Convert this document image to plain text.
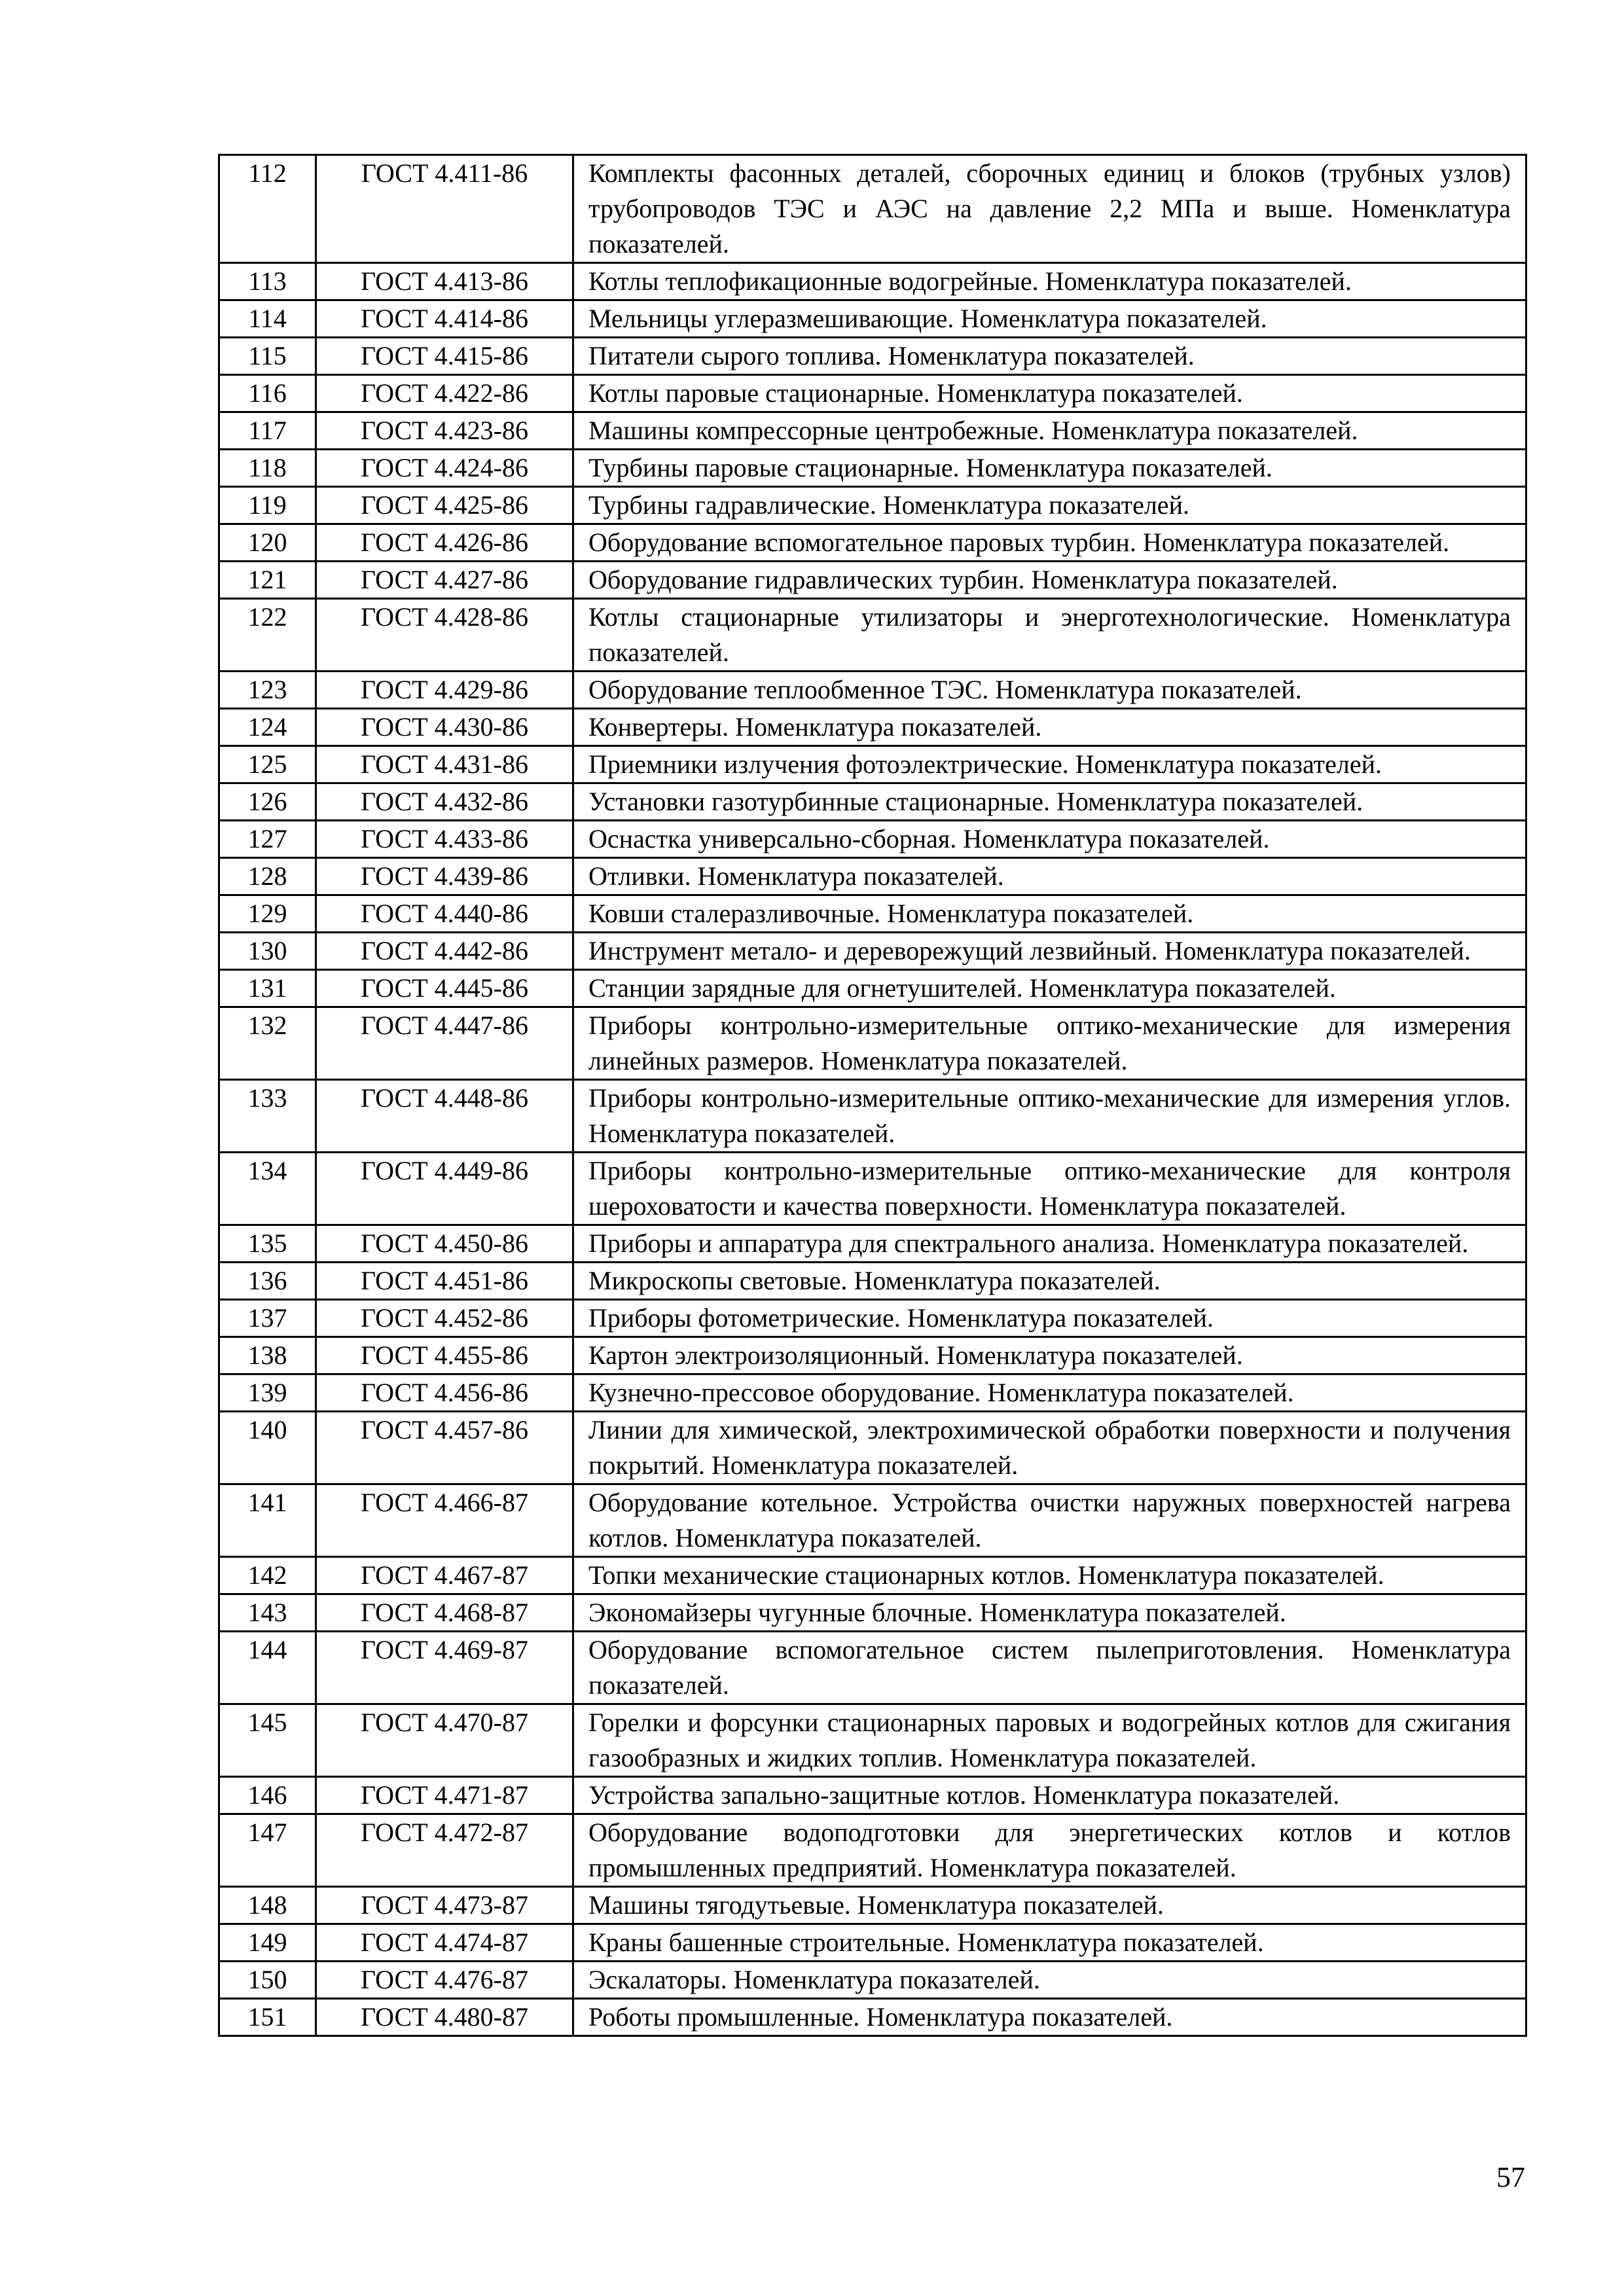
112	ГОСТ 4.411-86	Комплекты фасонных деталей, сборочных единиц и блоков (трубных узлов) трубопроводов ТЭС и АЭС на давление 2,2 МПа и выше. Номенклатура показателей.
113	ГОСТ 4.413-86	Котлы теплофикационные водогрейные. Номенклатура показателей.
114	ГОСТ 4.414-86	Мельницы углеразмешивающие. Номенклатура показателей.
115	ГОСТ 4.415-86	Питатели сырого топлива. Номенклатура показателей.
116	ГОСТ 4.422-86	Котлы паровые стационарные. Номенклатура показателей.
117	ГОСТ 4.423-86	Машины компрессорные центробежные. Номенклатура показателей.
118	ГОСТ 4.424-86	Турбины паровые стационарные. Номенклатура показателей.
119	ГОСТ 4.425-86	Турбины гадравлические. Номенклатура показателей.
120	ГОСТ 4.426-86	Оборудование вспомогательное паровых турбин. Номенклатура показателей.
121	ГОСТ 4.427-86	Оборудование гидравлических турбин. Номенклатура показателей.
122	ГОСТ 4.428-86	Котлы стационарные утилизаторы и энерготехнологические. Номенклатура показателей.
123	ГОСТ 4.429-86	Оборудование теплообменное ТЭС. Номенклатура показателей.
124	ГОСТ 4.430-86	Конвертеры. Номенклатура показателей.
125	ГОСТ 4.431-86	Приемники излучения фотоэлектрические. Номенклатура показателей.
126	ГОСТ 4.432-86	Установки газотурбинные стационарные. Номенклатура показателей.
127	ГОСТ 4.433-86	Оснастка универсально-сборная. Номенклатура показателей.
128	ГОСТ 4.439-86	Отливки. Номенклатура показателей.
129	ГОСТ 4.440-86	Ковши сталеразливочные. Номенклатура показателей.
130	ГОСТ 4.442-86	Инструмент метало- и дереворежущий лезвийный. Номенклатура показателей.
131	ГОСТ 4.445-86	Станции зарядные для огнетушителей. Номенклатура показателей.
132	ГОСТ 4.447-86	Приборы контрольно-измерительные оптико-механические для измерения линейных размеров. Номенклатура показателей.
133	ГОСТ 4.448-86	Приборы контрольно-измерительные оптико-механические для измерения углов. Номенклатура показателей.
134	ГОСТ 4.449-86	Приборы контрольно-измерительные оптико-механические для контроля шероховатости и качества поверхности. Номенклатура показателей.
135	ГОСТ 4.450-86	Приборы и аппаратура для спектрального анализа. Номенклатура показателей.
136	ГОСТ 4.451-86	Микроскопы световые. Номенклатура показателей.
137	ГОСТ 4.452-86	Приборы фотометрические. Номенклатура показателей.
138	ГОСТ 4.455-86	Картон электроизоляционный. Номенклатура показателей.
139	ГОСТ 4.456-86	Кузнечно-прессовое оборудование. Номенклатура показателей.
140	ГОСТ 4.457-86	Линии для химической, электрохимической обработки поверхности и получения покрытий. Номенклатура показателей.
141	ГОСТ 4.466-87	Оборудование котельное. Устройства очистки наружных поверхностей нагрева котлов. Номенклатура показателей.
142	ГОСТ 4.467-87	Топки механические стационарных котлов. Номенклатура показателей.
143	ГОСТ 4.468-87	Экономайзеры чугунные блочные. Номенклатура показателей.
144	ГОСТ 4.469-87	Оборудование вспомогательное систем пылеприготовления. Номенклатура показателей.
145	ГОСТ 4.470-87	Горелки и форсунки стационарных паровых и водогрейных котлов для сжигания газообразных и жидких топлив. Номенклатура показателей.
146	ГОСТ 4.471-87	Устройства запально-защитные котлов. Номенклатура показателей.
147	ГОСТ 4.472-87	Оборудование водоподготовки для энергетических котлов и котлов промышленных предприятий. Номенклатура показателей.
148	ГОСТ 4.473-87	Машины тягодутьевые. Номенклатура показателей.
149	ГОСТ 4.474-87	Краны башенные строительные. Номенклатура показателей.
150	ГОСТ 4.476-87	Эскалаторы. Номенклатура показателей.
151	ГОСТ 4.480-87	Роботы промышленные. Номенклатура показателей.
57
